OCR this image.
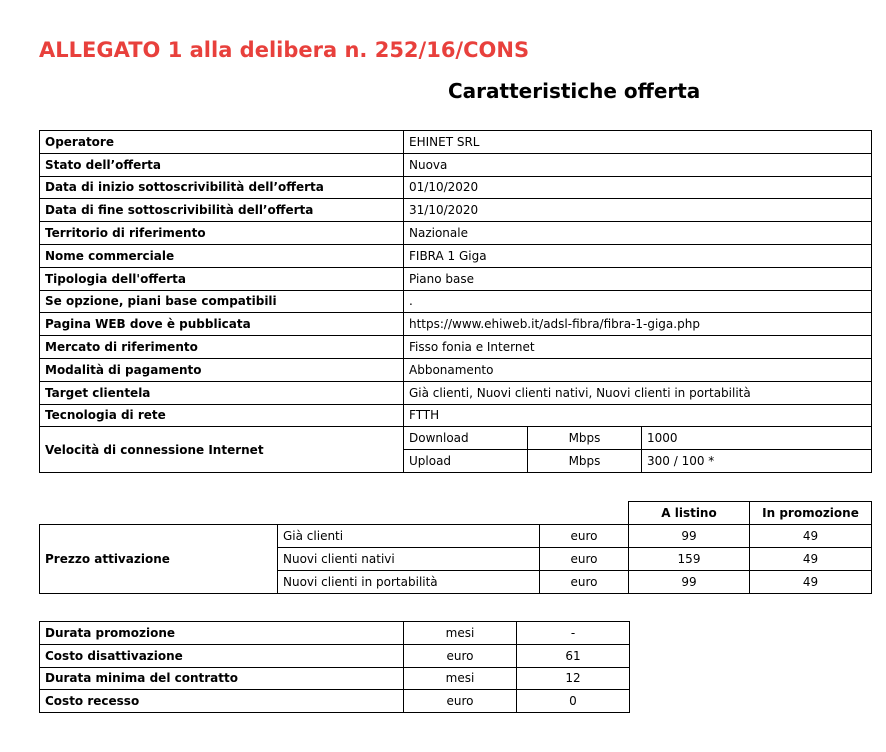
ALLEGATO 1 alla delibera n. 252/16/CONS
Caratteristiche offerta
Operatore	EHINET SRL		
Stato dell’offerta	Nuova		
Data di inizio sottoscrivibilità dell’offerta	01/10/2020		
Data di fine sottoscrivibilità dell’offerta	31/10/2020		
Territorio di riferimento	Nazionale		
Nome commerciale	FIBRA 1 Giga		
Tipologia dell'offerta	Piano base		
Se opzione, piani base compatibili	.		
Pagina WEB dove è pubblicata	https://www.ehiweb.it/adsl-fibra/fibra-1-giga.php		
Mercato di riferimento	Fisso fonia e Internet		
Modalità di pagamento	Abbonamento		
Target clientela	Già clienti, Nuovi clienti nativi, Nuovi clienti in portabilità		
Tecnologia di rete	FTTH		
Velocità di connessione Internet	Download	Mbps	1000
	Upload	Mbps	300 / 100 *
			A listino	In promozione
Prezzo attivazione	Già clienti	euro	99	49
	Nuovi clienti nativi	euro	159	49
	Nuovi clienti in portabilità	euro	99	49
Durata promozione	mesi	-
Costo disattivazione	euro	61
Durata minima del contratto	mesi	12
Costo recesso	euro	0
